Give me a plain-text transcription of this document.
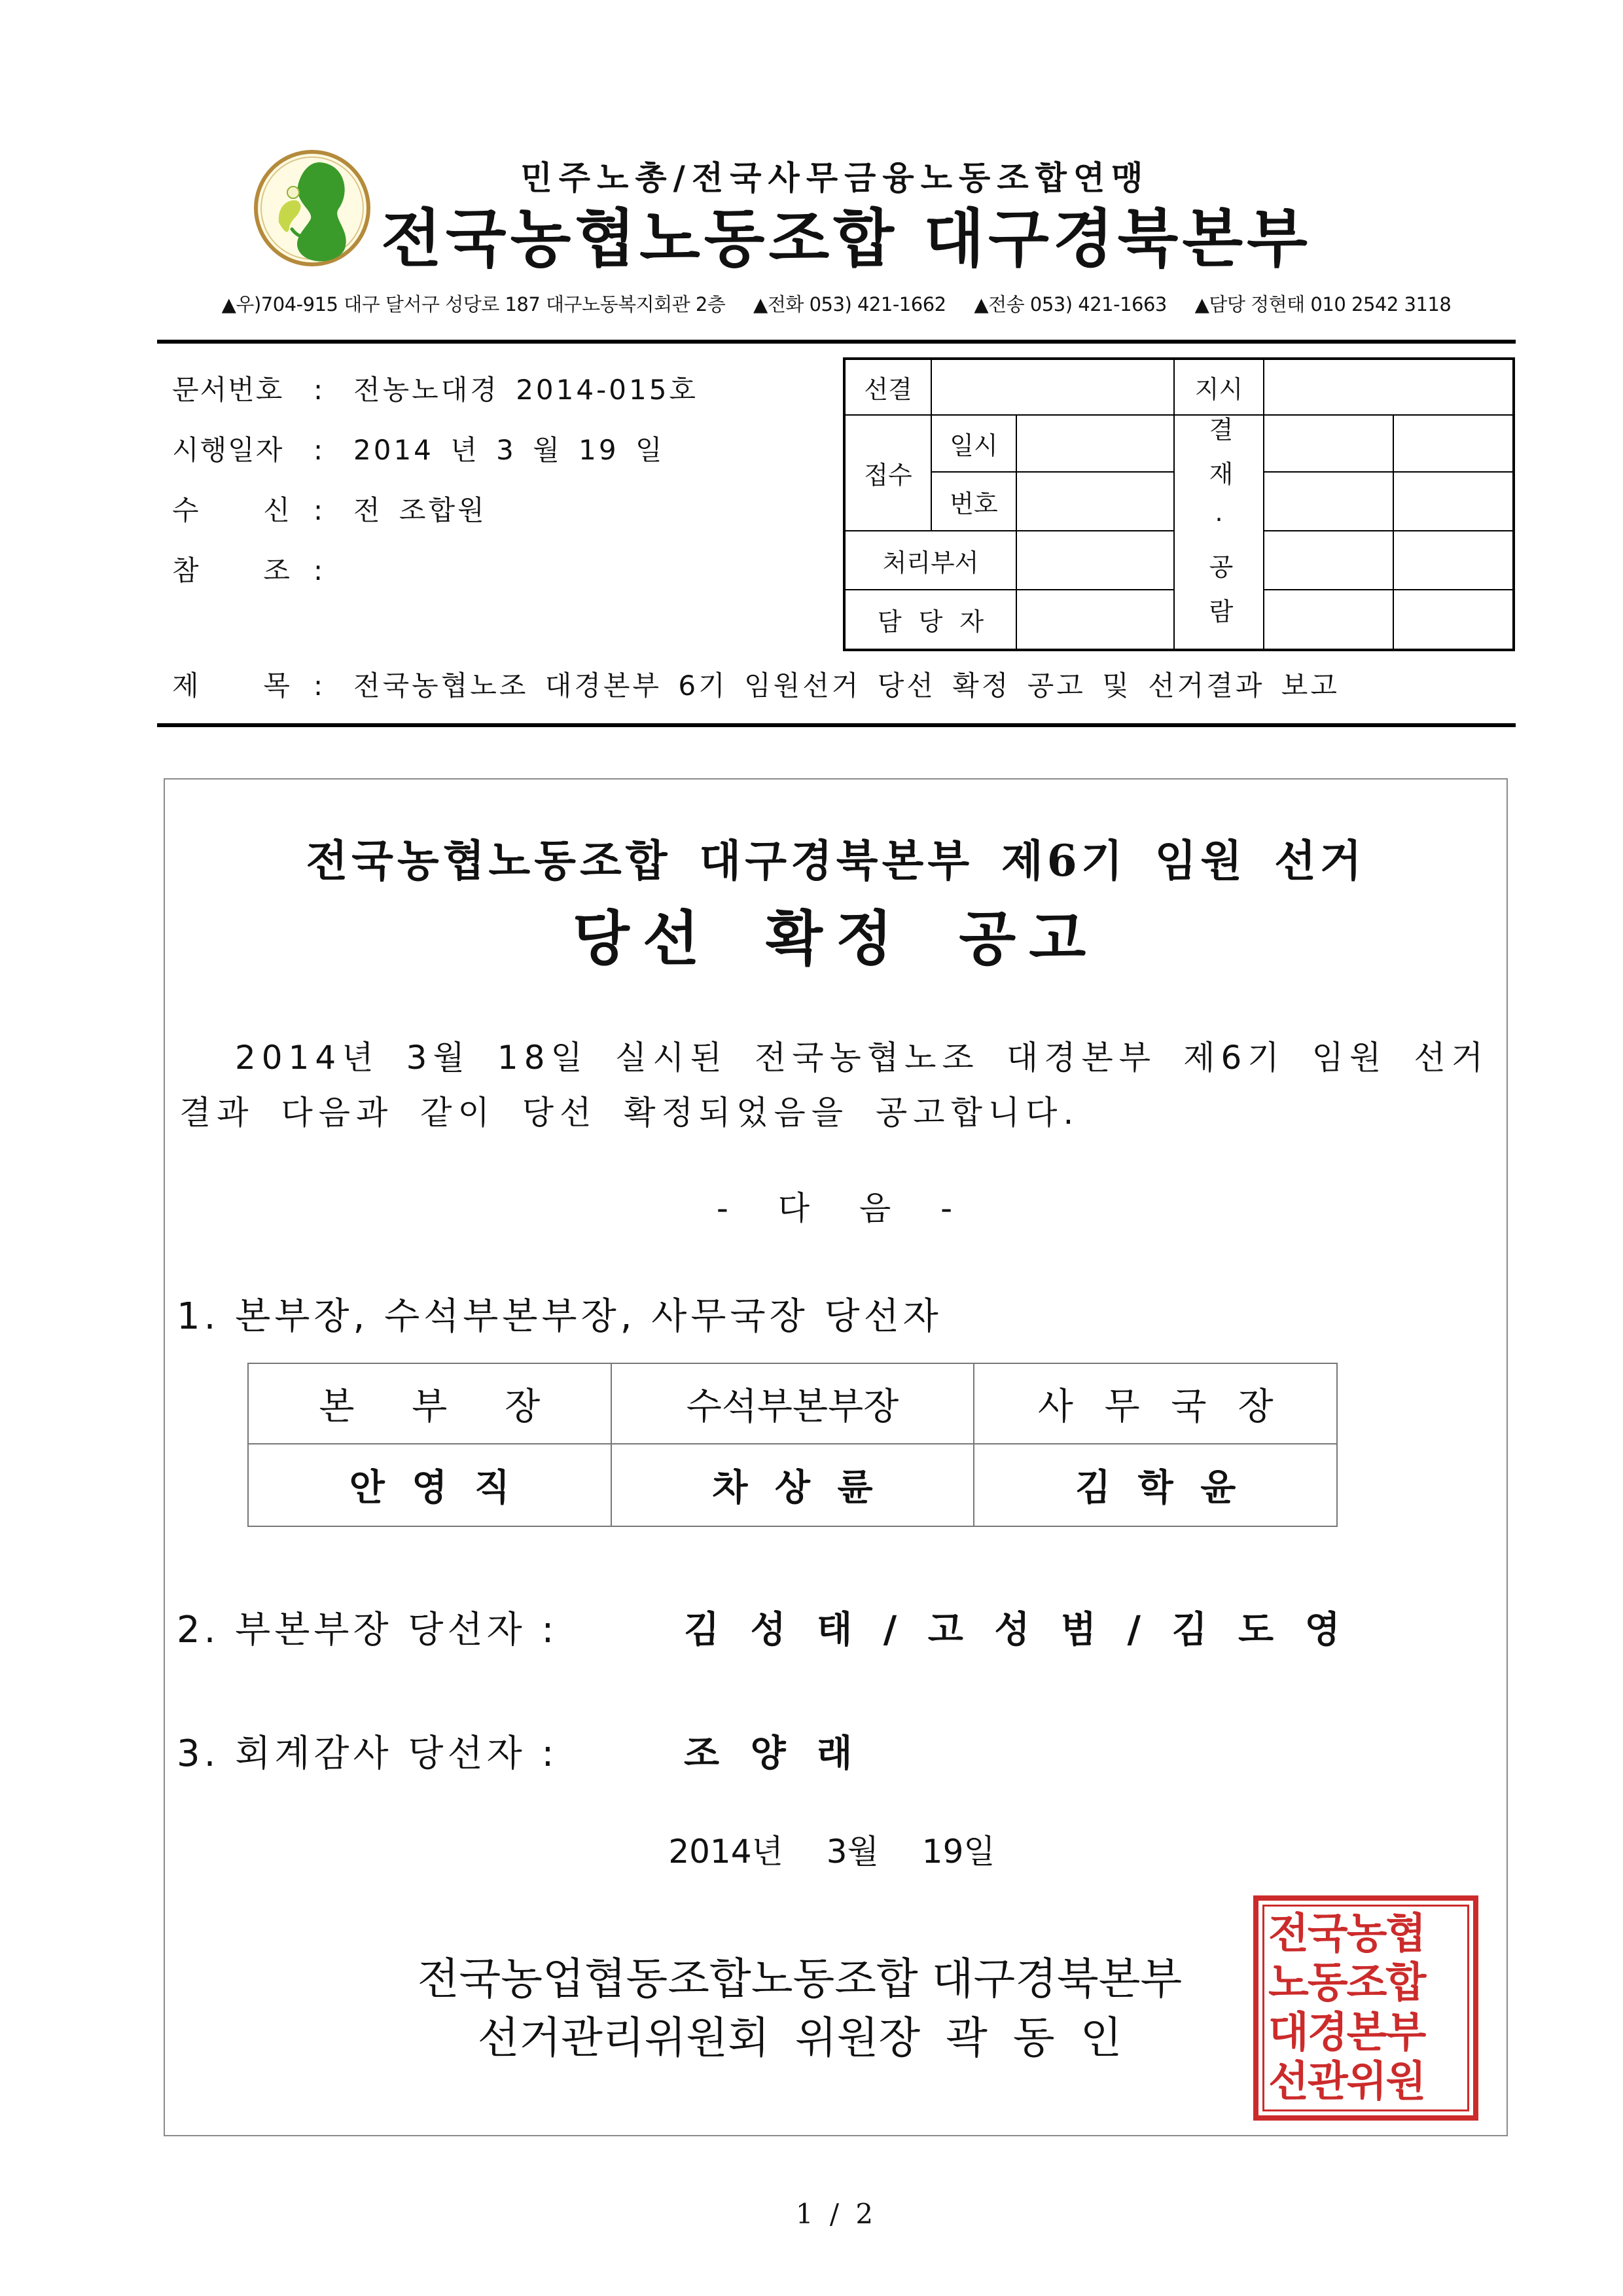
민주노총/전국사무금융노동조합연맹
전국농협노동조합 대구경북본부
▲우)704-915 대구 달서구 성당로 187 대구노동복지회관 2층 ▲전화 053) 421-1662 ▲전송 053) 421-1663 ▲담당 정현태 010 2542 3118
문서번호 : 전농노대경 2014-015호
시행일자 : 2014 년 3 월 19 일
수 신 : 전 조합원
참 조 :
제 목 : 전국농협노조 대경본부 6기 임원선거 당선 확정 공고 및 선거결과 보고
선결			지시		
접수	일시		결재·공람		
	번호				
처리부서					
담 당 자					
전국농협노동조합 대구경북본부 제6기 임원 선거
당선 확정 공고
2014년 3월 18일 실시된 전국농협노조 대경본부 제6기 임원 선거결과 다음과 같이 당선 확정되었음을 공고합니다.
- 다 음 -
1. 본부장, 수석부본부장, 사무국장 당선자
본 부 장	수석부본부장	사 무 국 장
안 영 직	차 상 륜	김 학 윤
2. 부본부장 당선자 :	김 성 태 / 고 성 범 / 김 도 영
3. 회계감사 당선자 :	조 양 래
2014년 3월 19일
전국농업협동조합노동조합 대구경북본부
선거관리위원회 위원장 곽 동 인
전국농협
노동조합
대경본부
선관위원
1 / 2
